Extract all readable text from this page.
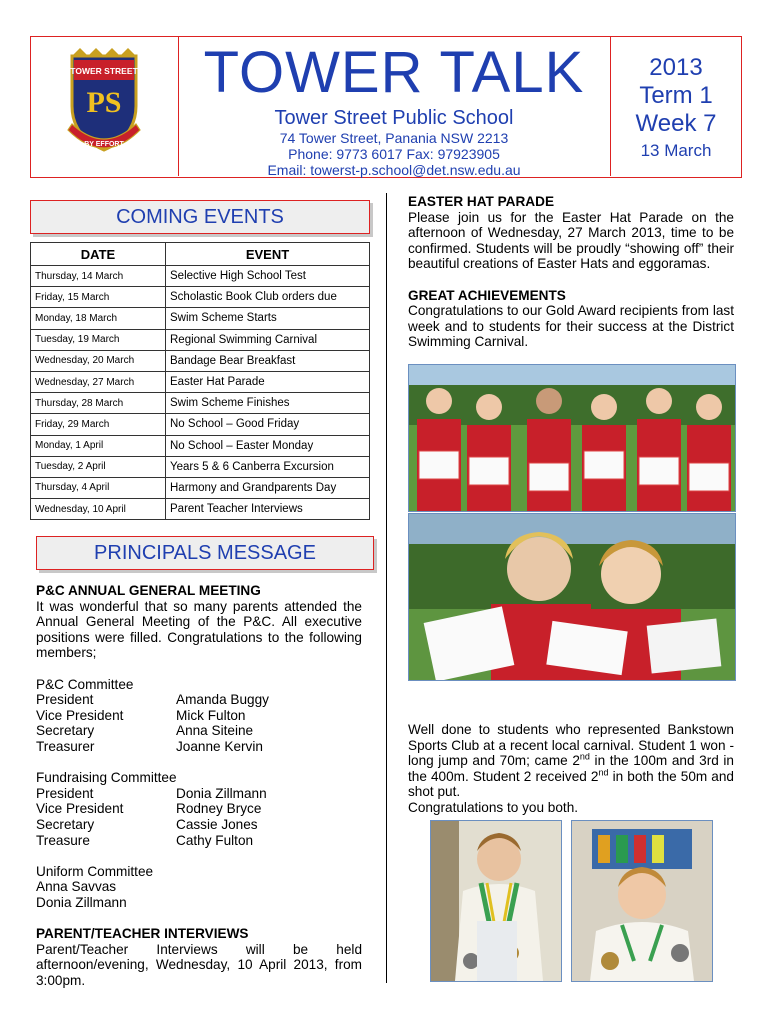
TOWER STREET
PS
BY EFFORT
TOWER TALK
Tower Street Public School
74 Tower Street, Panania NSW 2213
Phone: 9773 6017 Fax: 97923905
Email: towerst-p.school@det.nsw.edu.au
2013
Term 1
Week 7
13 March
COMING EVENTS
DATE	EVENT
Thursday, 14 March	Selective High School Test
Friday, 15 March	Scholastic Book Club orders due
Monday, 18 March	Swim Scheme Starts
Tuesday, 19 March	Regional Swimming Carnival
Wednesday, 20 March	Bandage Bear Breakfast
Wednesday, 27 March	Easter Hat Parade
Thursday, 28 March	Swim Scheme Finishes
Friday, 29 March	No School – Good Friday
Monday, 1 April	No School – Easter Monday
Tuesday, 2 April	Years 5 & 6 Canberra Excursion
Thursday, 4 April	Harmony and Grandparents Day
Wednesday, 10 April	Parent Teacher Interviews
PRINCIPALS MESSAGE
P&C ANNUAL GENERAL MEETING
It was wonderful that so many parents attended the Annual General Meeting of the P&C. All executive positions were filled. Congratulations to the following members;
P&C Committee
President	Amanda Buggy
Vice President	Mick Fulton
Secretary	Anna Siteine
Treasurer	Joanne Kervin
Fundraising Committee
President	Donia Zillmann
Vice President	Rodney Bryce
Secretary	Cassie Jones
Treasure	Cathy Fulton
Uniform Committee
Anna Savvas
Donia Zillmann
PARENT/TEACHER INTERVIEWS
Parent/Teacher Interviews will be held afternoon/evening, Wednesday, 10 April 2013, from 3:00pm.
EASTER HAT PARADE
Please join us for the Easter Hat Parade on the afternoon of Wednesday, 27 March 2013, time to be confirmed. Students will be proudly “showing off” their beautiful creations of Easter Hats and eggoramas.
GREAT ACHIEVEMENTS
Congratulations to our Gold Award recipients from last week and to students for their success at the District Swimming Carnival.
Well done to students who represented Bankstown Sports Club at a recent local carnival. Student 1 won - long jump and 70m; came 2nd in the 100m and 3rd in the 400m. Student 2 received 2nd in both the 50m and shot put.
Congratulations to you both.
